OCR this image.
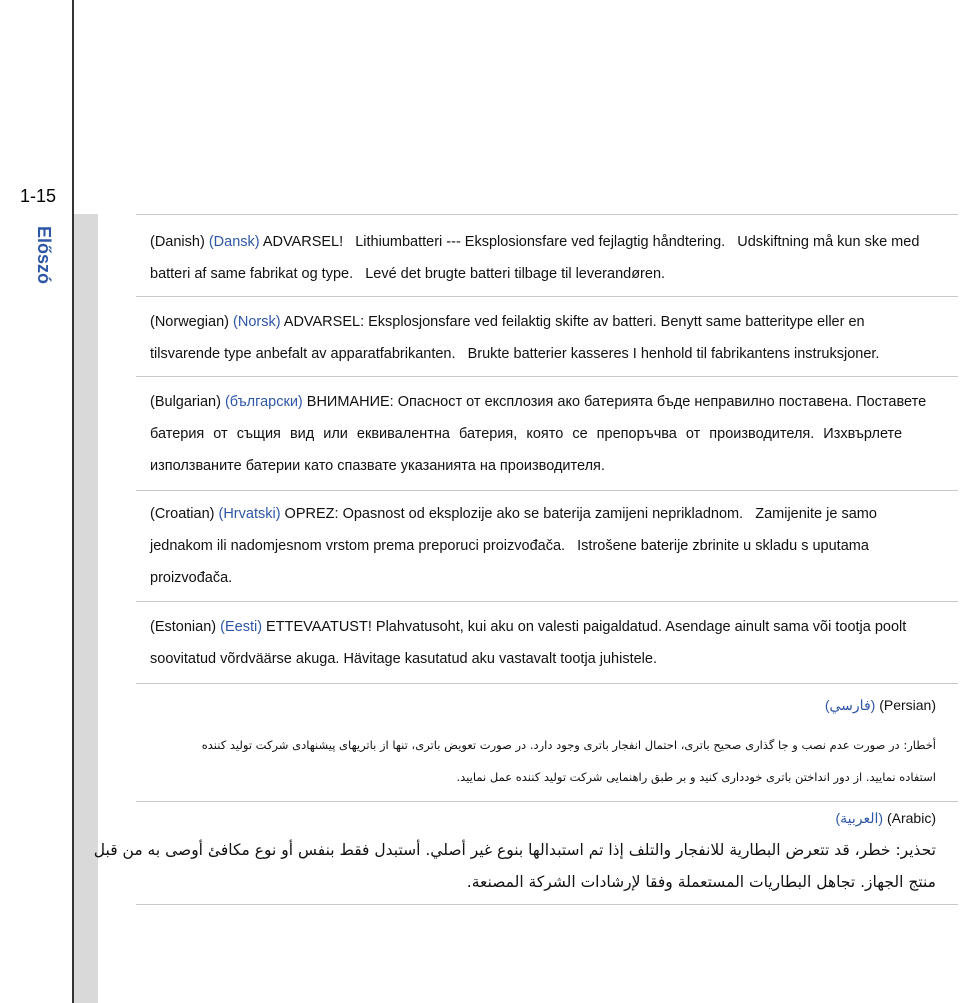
1-15
Előszó	(Danish) (Dansk) ADVARSEL!   Lithiumbatteri --- Eksplosionsfare ved fejlagtig håndtering.   Udskiftning må kun ske med
batteri af same fabrikat og type.   Levé det brugte batteri tilbage til leverandøren.
(Norwegian) (Norsk) ADVARSEL: Eksplosjonsfare ved feilaktig skifte av batteri. Benytt same batteritype eller en
tilsvarende type anbefalt av apparatfabrikanten.   Brukte batterier kasseres I henhold til fabrikantens instruksjoner.
(Bulgarian) (български) ВНИМАНИЕ: Опасност от експлозия ако батерията бъде неправилно поставена. Поставете
батерия от същия вид или еквивалентна батерия, която се препоръчва от производителя. Изхвърлете
използваните батерии като спазвате указанията на производителя.
(Croatian) (Hrvatski) OPREZ: Opasnost od eksplozije ako se baterija zamijeni neprikladnom.   Zamijenite je samo
jednakom ili nadomjesnom vrstom prema preporuci proizvođača.   Istrošene baterije zbrinite u skladu s uputama
proizvođača.
(Estonian) (Eesti) ETTEVAATUST! Plahvatusoht, kui aku on valesti paigaldatud. Asendage ainult sama või tootja poolt
soovitatud võrdväärse akuga. Hävitage kasutatud aku vastavalt tootja juhistele.
(فارسي) (Persian)
أخطار: در صورت عدم نصب و جا گذاری صحیح باتری، احتمال انفجار باتری وجود دارد. در صورت تعویض باتری، تنها از باتریهای پیشنهادی شرکت تولید کننده
استفاده نمایید. از دور انداختن باتری خودداری کنید و بر طبق راهنمایی شرکت تولید کننده عمل نمایید.
(العربية) (Arabic)
تحذير: خطر، قد تتعرض البطارية للانفجار والتلف إذا تم استبدالها بنوع غير أصلي. أستبدل فقط بنفس أو نوع مكافئ أوصى به من قبل
منتج الجهاز. تجاهل البطاريات المستعملة وفقا لإرشادات الشركة المصنعة.
